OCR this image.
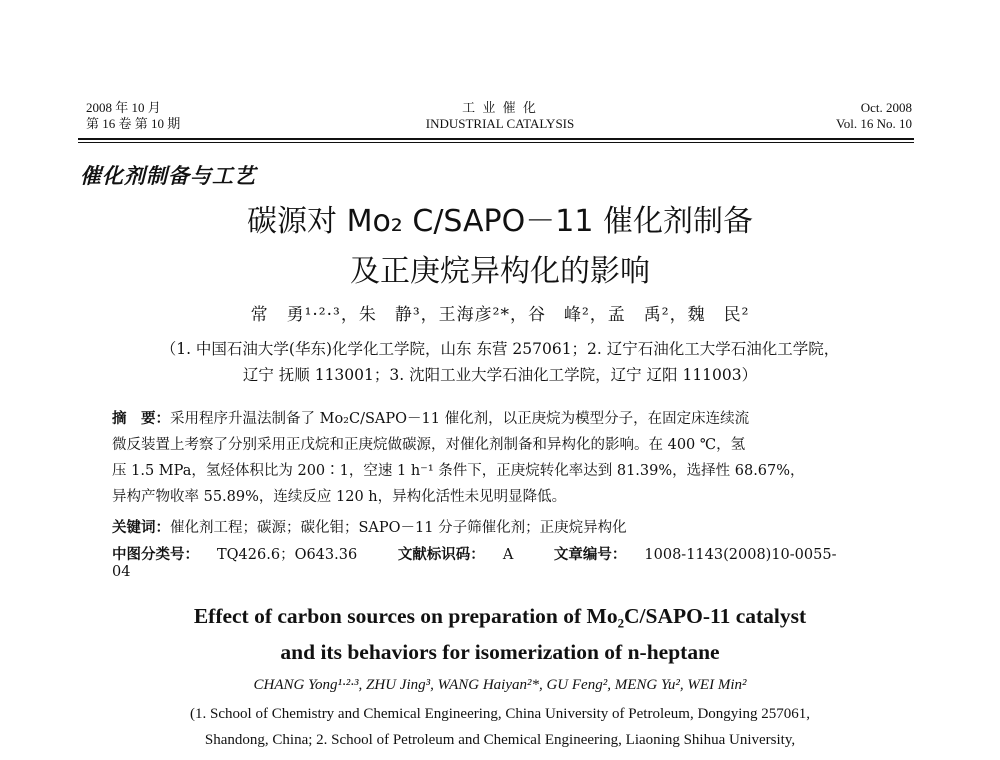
2008 年 10 月
第 16 卷 第 10 期
工 业 催 化
INDUSTRIAL CATALYSIS
Oct. 2008
Vol. 16 No. 10
催化剂制备与工艺
碳源对 Mo₂ C/SAPO－11 催化剂制备
及正庚烷异构化的影响
常　勇¹·²·³，朱　静³，王海彦²*，谷　峰²，孟　禹²，魏　民²
（1. 中国石油大学(华东)化学化工学院，山东 东营 257061；2. 辽宁石油化工大学石油化工学院，
辽宁 抚顺 113001；3. 沈阳工业大学石油化工学院，辽宁 辽阳 111003）
摘　要：采用程序升温法制备了 Mo₂C/SAPO－11 催化剂，以正庚烷为模型分子，在固定床连续流
微反装置上考察了分别采用正戊烷和正庚烷做碳源，对催化剂制备和异构化的影响。在 400 ℃，氢
压 1.5 MPa，氢烃体积比为 200∶1，空速 1 h⁻¹ 条件下，正庚烷转化率达到 81.39%，选择性 68.67%，
异构产物收率 55.89%，连续反应 120 h，异构化活性未见明显降低。
关键词：催化剂工程；碳源；碳化钼；SAPO－11 分子筛催化剂；正庚烷异构化
中图分类号： TQ426.6；O643.36	文献标识码： A	文章编号： 1008-1143(2008)10-0055-04
Effect of carbon sources on preparation of Mo₂C/SAPO-11 catalyst
and its behaviors for isomerization of n-heptane
CHANG Yong¹·²·³, ZHU Jing³, WANG Haiyan²*, GU Feng², MENG Yu², WEI Min²
(1. School of Chemistry and Chemical Engineering, China University of Petroleum, Dongying 257061,
Shandong, China; 2. School of Petroleum and Chemical Engineering, Liaoning Shihua University,
